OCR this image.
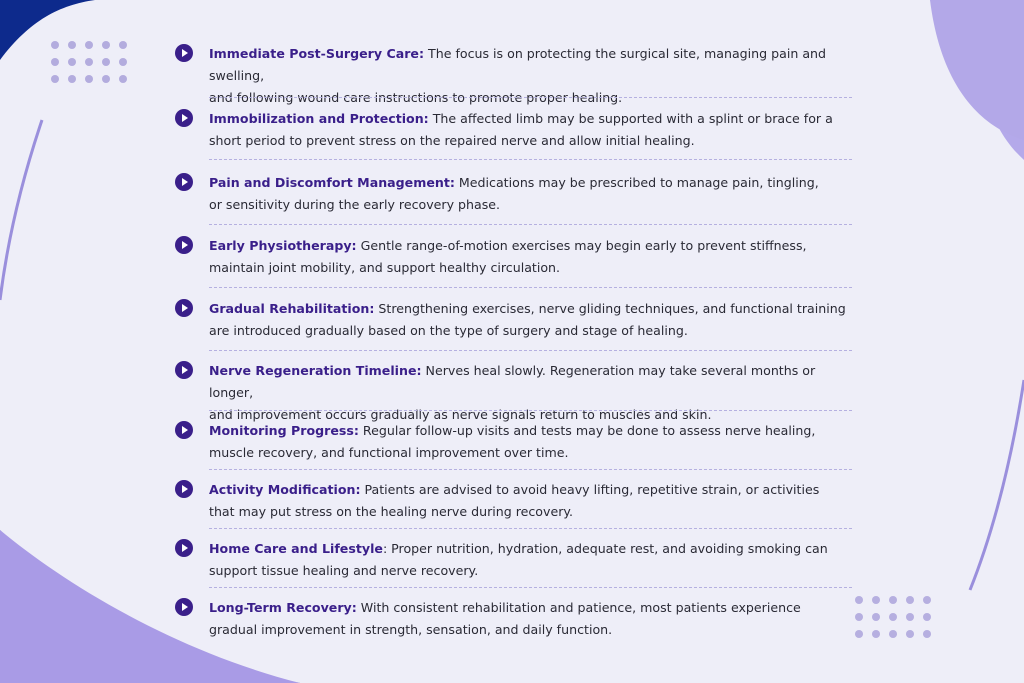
Immediate Post-Surgery Care: The focus is on protecting the surgical site, managing pain and swelling,
and following wound care instructions to promote proper healing.
Immobilization and Protection: The affected limb may be supported with a splint or brace for a
short period to prevent stress on the repaired nerve and allow initial healing.
Pain and Discomfort Management: Medications may be prescribed to manage pain, tingling,
or sensitivity during the early recovery phase.
Early Physiotherapy: Gentle range-of-motion exercises may begin early to prevent stiffness,
maintain joint mobility, and support healthy circulation.
Gradual Rehabilitation: Strengthening exercises, nerve gliding techniques, and functional training
are introduced gradually based on the type of surgery and stage of healing.
Nerve Regeneration Timeline: Nerves heal slowly. Regeneration may take several months or longer,
and improvement occurs gradually as nerve signals return to muscles and skin.
Monitoring Progress: Regular follow-up visits and tests may be done to assess nerve healing,
muscle recovery, and functional improvement over time.
Activity Modification: Patients are advised to avoid heavy lifting, repetitive strain, or activities
that may put stress on the healing nerve during recovery.
Home Care and Lifestyle: Proper nutrition, hydration, adequate rest, and avoiding smoking can
support tissue healing and nerve recovery.
Long-Term Recovery: With consistent rehabilitation and patience, most patients experience
gradual improvement in strength, sensation, and daily function.
